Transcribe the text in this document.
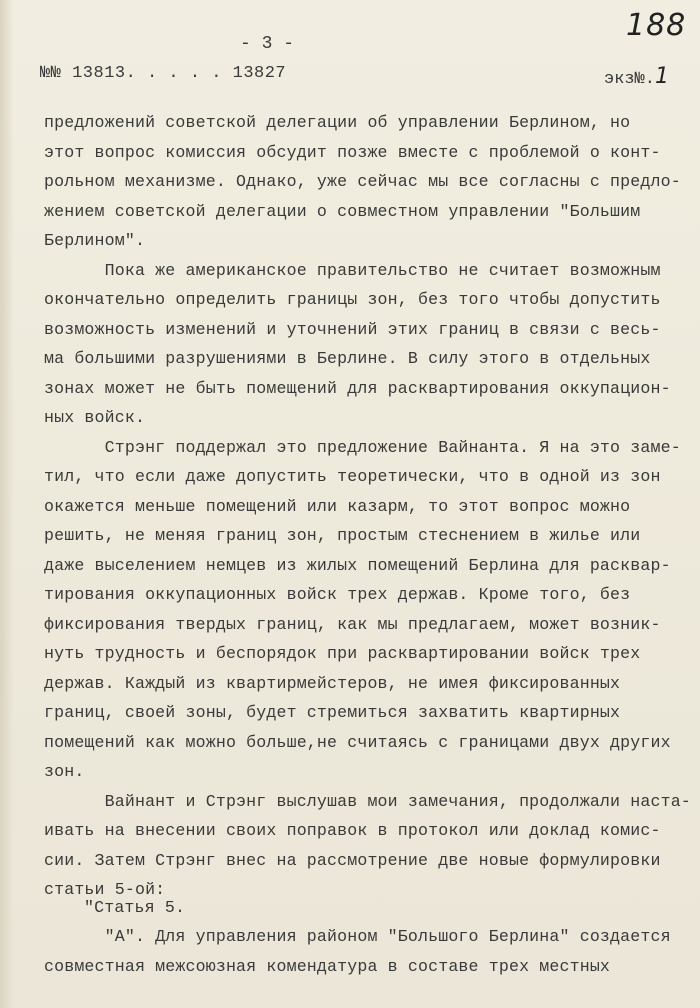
188
- 3 -
№№ 13813. . . . . 13827	экз№.1
предложений советской делегации об управлении Берлином, но
этот вопрос комиссия обсудит позже вместе с проблемой о конт-
рольном механизме. Однако, уже сейчас мы все согласны с предло-
жением советской делегации о совместном управлении "Большим
Берлином".
Пока же американское правительство не считает возможным
окончательно определить границы зон, без того чтобы допустить
возможность изменений и уточнений этих границ в связи с весь-
ма большими разрушениями в Берлине. В силу этого в отдельных
зонах может не быть помещений для расквартирования оккупацион-
ных войск.
Стрэнг поддержал это предложение Вайнанта. Я на это заме-
тил, что если даже допустить теоретически, что в одной из зон
окажется меньше помещений или казарм, то этот вопрос можно
решить, не меняя границ зон, простым стеснением в жилье или
даже выселением немцев из жилых помещений Берлина для расквар-
тирования оккупационных войск трех держав. Кроме того, без
фиксирования твердых границ, как мы предлагаем, может возник-
нуть трудность и беспорядок при расквартировании войск трех
держав. Каждый из квартирмейстеров, не имея фиксированных
границ, своей зоны, будет стремиться захватить квартирных
помещений как можно больше,не считаясь с границами двух других
зон.
Вайнант и Стрэнг выслушав мои замечания, продолжали наста-
ивать на внесении своих поправок в протокол или доклад комис-
сии. Затем Стрэнг внес на рассмотрение две новые формулировки
статьи 5-ой:
"Статья 5.
"А". Для управления районом "Большого Берлина" создается
совместная межсоюзная комендатура в составе трех местных
